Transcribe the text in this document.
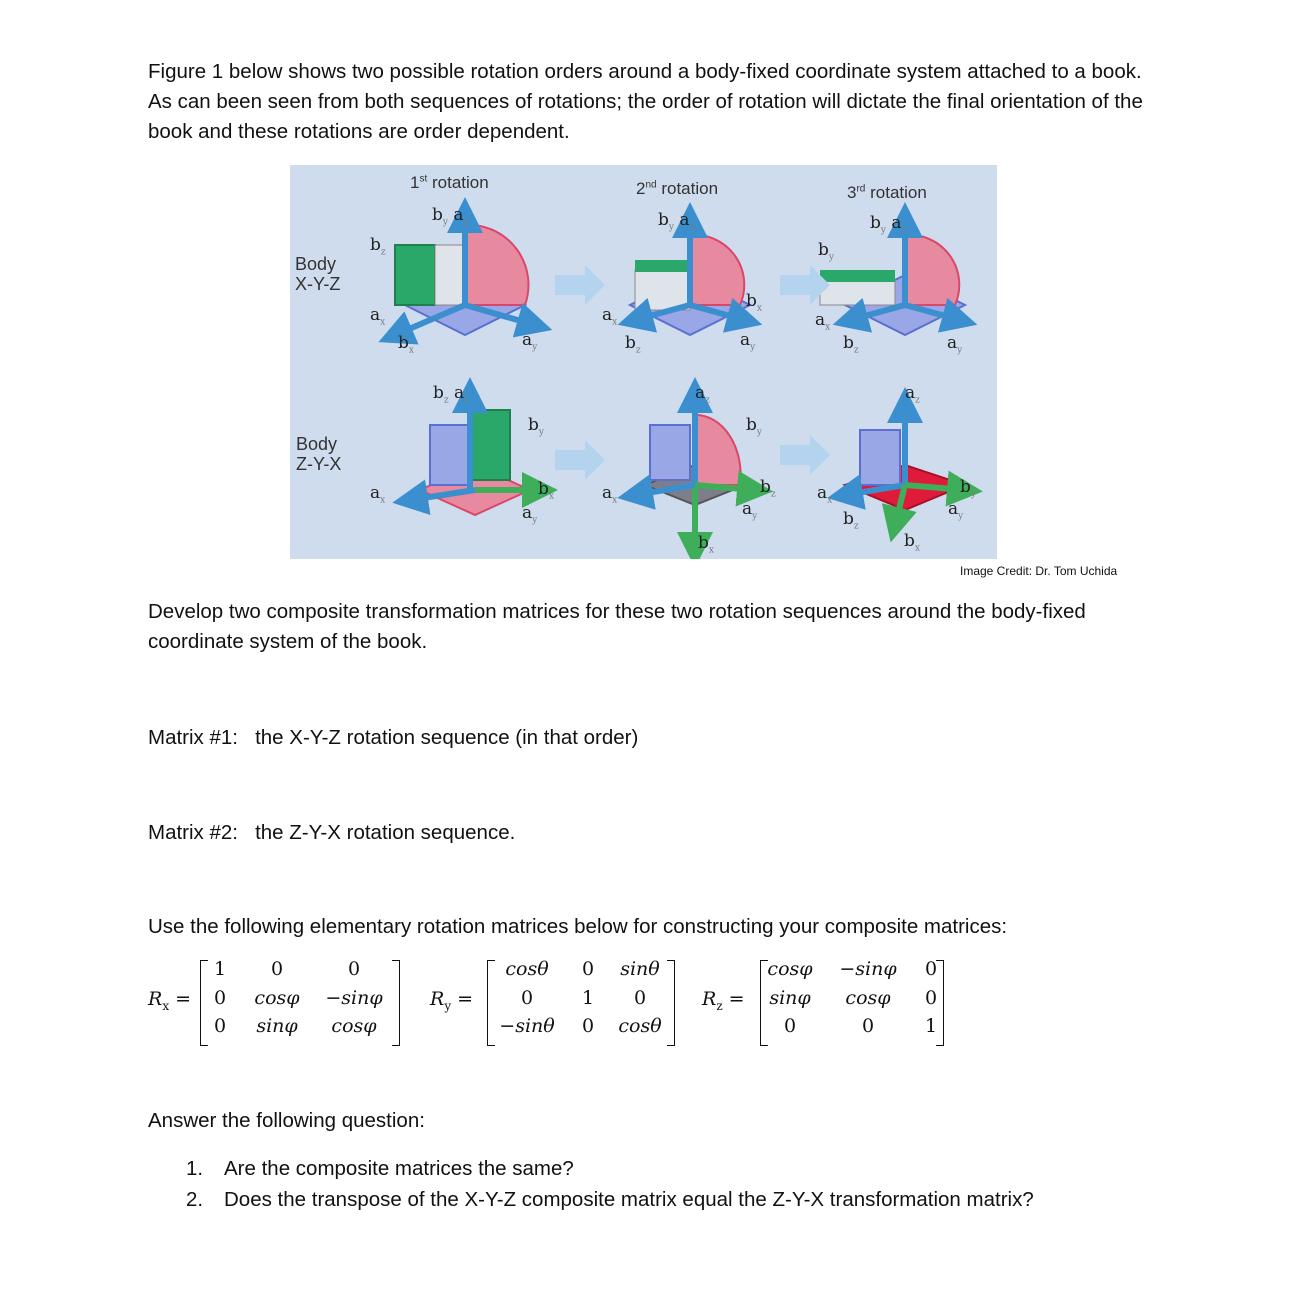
Figure 1 below shows two possible rotation orders around a body-fixed coordinate system attached to a book. As can been seen from both sequences of rotations; the order of rotation will dictate the final orientation of the book and these rotations are order dependent.
1st rotation	2nd rotation	3rd rotation
Body
X-Y-Z
Body
Z-Y-X
$b_y$ $a_z$
$b_z$
$a_x$
$b_x$
$a_y$
$b_y$ $a_z$
$a_x$
$b_z$
$b_x$
$a_y$
$b_y$ $a_z$
$b_y$
$a_x$
$b_z$	$a_y$
$b_z$ $a_z$
$b_y$
$a_x$
$b_x$
$a_y$
$a_z$
$b_y$
$a_x$
$b_z$
$a_y$
$b_x$
$a_z$
$a_x$
$b_z$
$b_y$
$a_y$
$b_x$
Image Credit: Dr. Tom Uchida
Develop two composite transformation matrices for these two rotation sequences around the body-fixed coordinate system of the book.
Matrix #1:   the X-Y-Z rotation sequence (in that order)
Matrix #2:   the Z-Y-X rotation sequence.
Use the following elementary rotation matrices below for constructing your composite matrices:
$R_x$ =
1	0	0
0	cosφ	−sinφ
0	sinφ	cosφ
$R_y$ =
cosθ	0	sinθ
0	1	0
−sinθ	0	cosθ
$R_z$ =
cosφ	−sinφ	0
sinφ	cosφ	0
0	0	1
Answer the following question:
1.	Are the composite matrices the same?
2.	Does the transpose of the X-Y-Z composite matrix equal the Z-Y-X transformation matrix?
